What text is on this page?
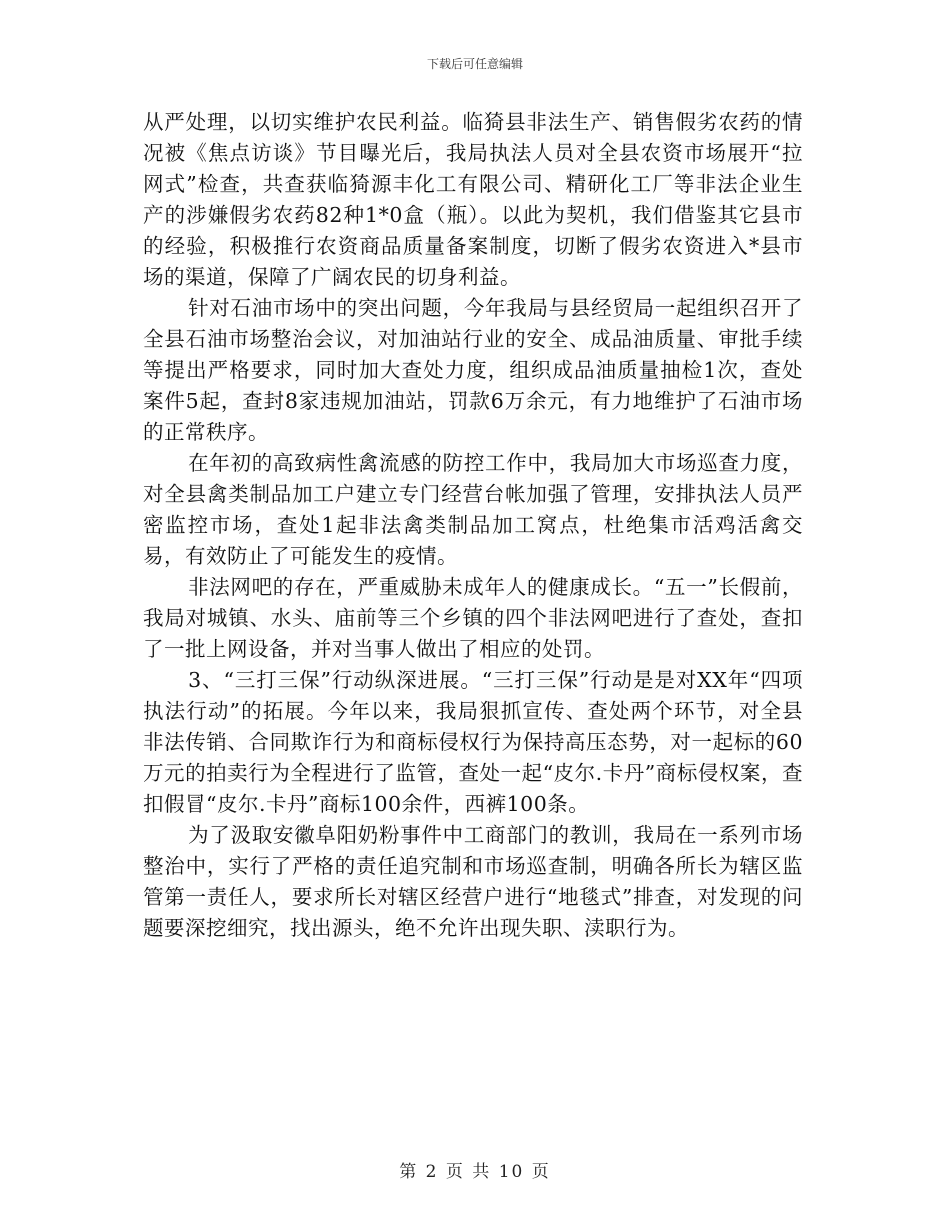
下载后可任意编辑

从严处理，以切实维护农民利益。临猗县非法生产、销售假劣农药的情况被《焦点访谈》节目曝光后，我局执法人员对全县农资市场展开“拉网式”检查，共查获临猗源丰化工有限公司、精研化工厂等非法企业生产的涉嫌假劣农药82种1*0盒（瓶）。以此为契机，我们借鉴其它县市的经验，积极推行农资商品质量备案制度，切断了假劣农资进入*县市场的渠道，保障了广阔农民的切身利益。

针对石油市场中的突出问题，今年我局与县经贸局一起组织召开了全县石油市场整治会议，对加油站行业的安全、成品油质量、审批手续等提出严格要求，同时加大查处力度，组织成品油质量抽检1次，查处案件5起，查封8家违规加油站，罚款6万余元，有力地维护了石油市场的正常秩序。

在年初的高致病性禽流感的防控工作中，我局加大市场巡查力度，对全县禽类制品加工户建立专门经营台帐加强了管理，安排执法人员严密监控市场，查处1起非法禽类制品加工窝点，杜绝集市活鸡活禽交易，有效防止了可能发生的疫情。

非法网吧的存在，严重威胁未成年人的健康成长。“五一”长假前，我局对城镇、水头、庙前等三个乡镇的四个非法网吧进行了查处，查扣了一批上网设备，并对当事人做出了相应的处罚。

3、“三打三保”行动纵深进展。“三打三保”行动是是对XX年“四项执法行动”的拓展。今年以来，我局狠抓宣传、查处两个环节，对全县非法传销、合同欺诈行为和商标侵权行为保持高压态势，对一起标的60万元的拍卖行为全程进行了监管，查处一起“皮尔.卡丹”商标侵权案，查扣假冒“皮尔.卡丹”商标100余件，西裤100条。

为了汲取安徽阜阳奶粉事件中工商部门的教训，我局在一系列市场整治中，实行了严格的责任追究制和市场巡查制，明确各所长为辖区监管第一责任人，要求所长对辖区经营户进行“地毯式”排查，对发现的问题要深挖细究，找出源头，绝不允许出现失职、渎职行为。

第 2 页 共 10 页
